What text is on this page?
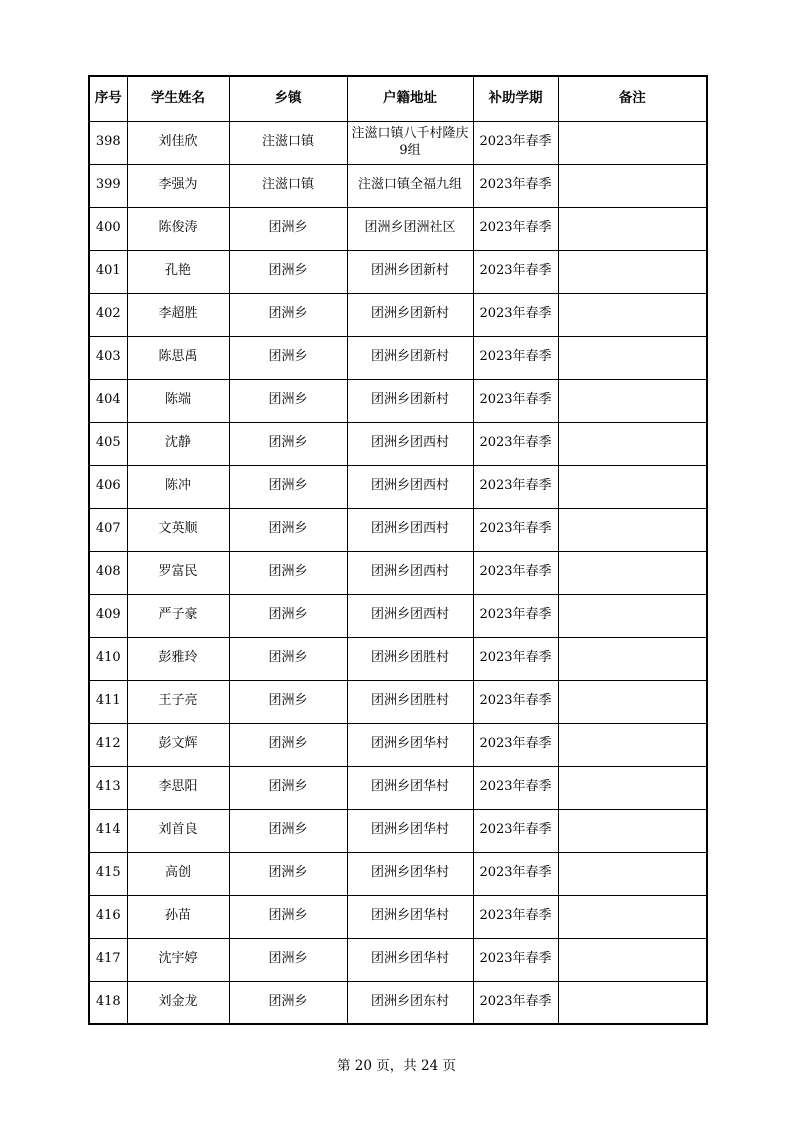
序号	学生姓名	乡镇	户籍地址	补助学期	备注
398	刘佳欣	注滋口镇	注滋口镇八千村隆庆9组	2023年春季	
399	李强为	注滋口镇	注滋口镇全福九组	2023年春季	
400	陈俊涛	团洲乡	团洲乡团洲社区	2023年春季	
401	孔艳	团洲乡	团洲乡团新村	2023年春季	
402	李超胜	团洲乡	团洲乡团新村	2023年春季	
403	陈思禹	团洲乡	团洲乡团新村	2023年春季	
404	陈端	团洲乡	团洲乡团新村	2023年春季	
405	沈静	团洲乡	团洲乡团西村	2023年春季	
406	陈冲	团洲乡	团洲乡团西村	2023年春季	
407	文英顺	团洲乡	团洲乡团西村	2023年春季	
408	罗富民	团洲乡	团洲乡团西村	2023年春季	
409	严子豪	团洲乡	团洲乡团西村	2023年春季	
410	彭雅玲	团洲乡	团洲乡团胜村	2023年春季	
411	王子亮	团洲乡	团洲乡团胜村	2023年春季	
412	彭文辉	团洲乡	团洲乡团华村	2023年春季	
413	李思阳	团洲乡	团洲乡团华村	2023年春季	
414	刘首良	团洲乡	团洲乡团华村	2023年春季	
415	高创	团洲乡	团洲乡团华村	2023年春季	
416	孙苗	团洲乡	团洲乡团华村	2023年春季	
417	沈宇婷	团洲乡	团洲乡团华村	2023年春季	
418	刘金龙	团洲乡	团洲乡团东村	2023年春季	
第 20 页，共 24 页
